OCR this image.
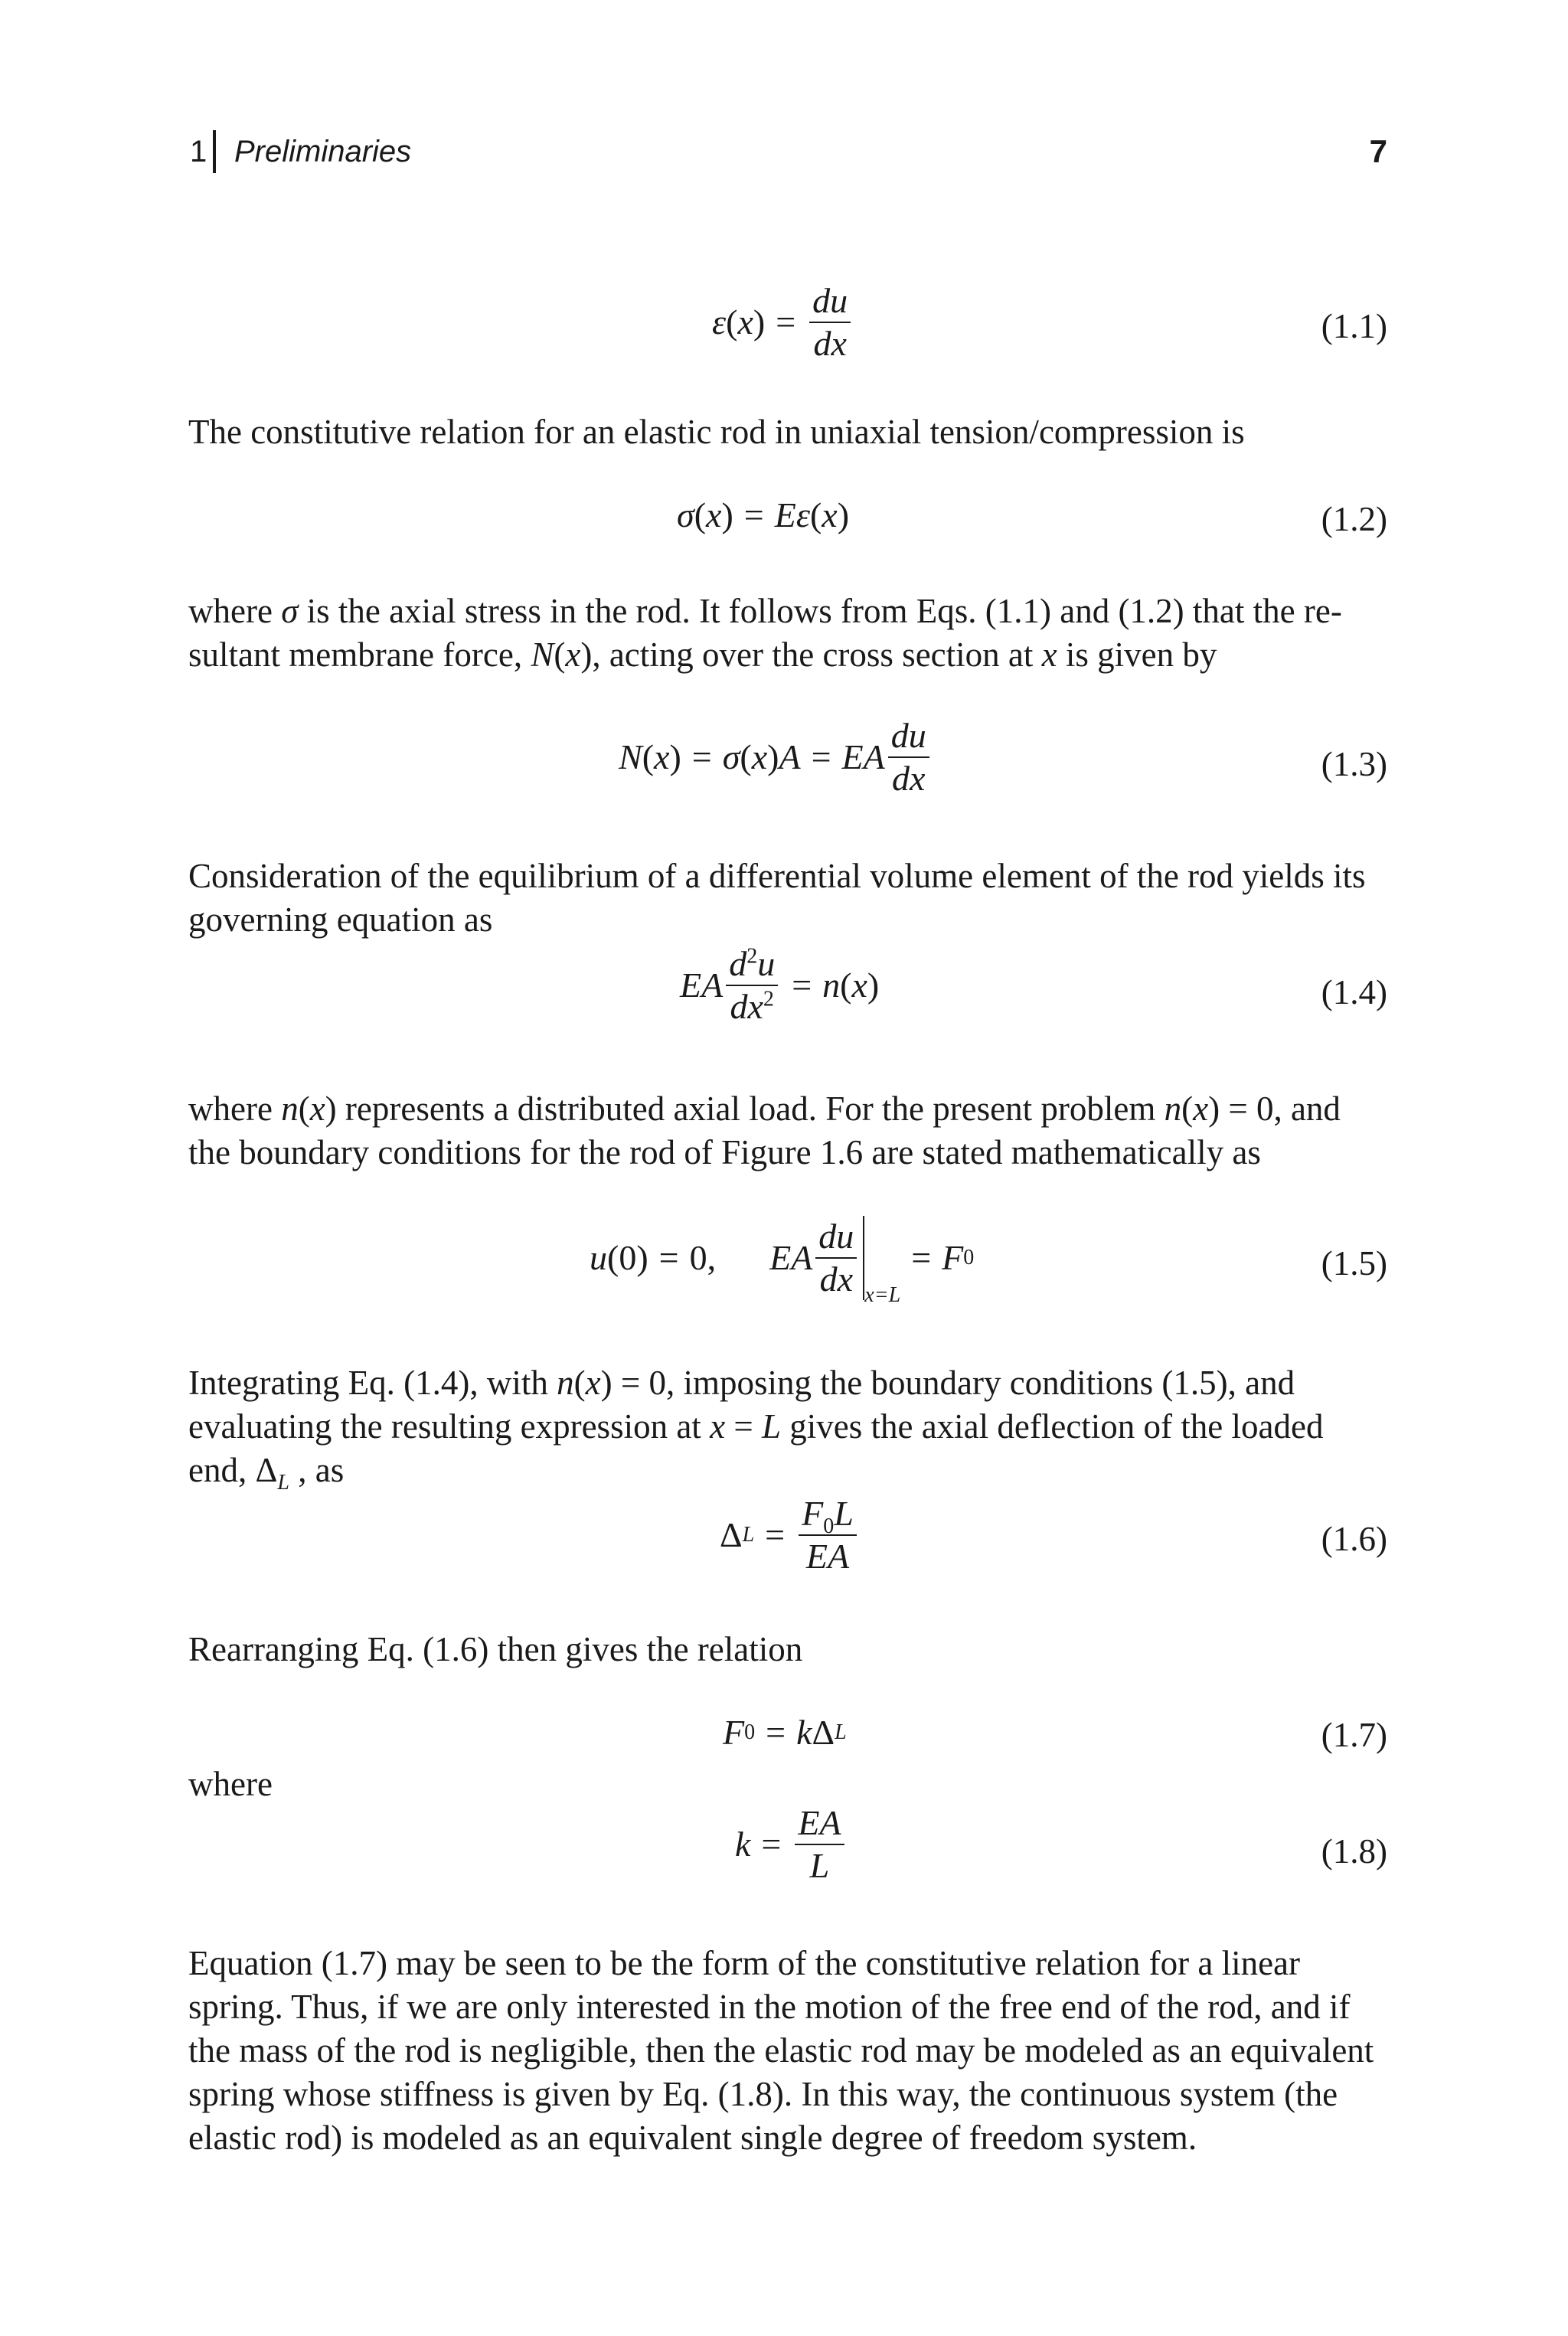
1 Preliminaries	7
ε ( x ) = $\frac{du}{dx}$	(1.1)
The constitutive relation for an elastic rod in uniaxial tension/compression is
σ ( x ) = Eε ( x )	(1.2)
where σ is the axial stress in the rod. It follows from Eqs. (1.1) and (1.2) that the re-
sultant membrane force, N(x), acting over the cross section at x is given by
N ( x ) = σ ( x ) A = EA $\frac{du}{dx}$	(1.3)
Consideration of the equilibrium of a differential volume element of the rod yields its
governing equation as
EA $\frac{d^2u}{dx^2} = n$ ( x )	(1.4)
where n(x) represents a distributed axial load. For the present problem n(x) = 0, and
the boundary conditions for the rod of Figure 1.6 are stated mathematically as
u (0) = 0, EA $\frac{du}{dx} x=L$
= F 0	(1.5)
Integrating Eq. (1.4), with n(x) = 0, imposing the boundary conditions (1.5), and
evaluating the resulting expression at x = L gives the axial deflection of the loaded
end, $\Delta_L$ , as
Δ $L = \frac{F_0L}{EA}$	(1.6)
Rearranging Eq. (1.6) then gives the relation
F 0 = k Δ L	(1.7)
where
$k = \frac{EA}{L}$	(1.8)
Equation (1.7) may be seen to be the form of the constitutive relation for a linear
spring. Thus, if we are only interested in the motion of the free end of the rod, and if
the mass of the rod is negligible, then the elastic rod may be modeled as an equivalent
spring whose stiffness is given by Eq. (1.8). In this way, the continuous system (the
elastic rod) is modeled as an equivalent single degree of freedom system.
